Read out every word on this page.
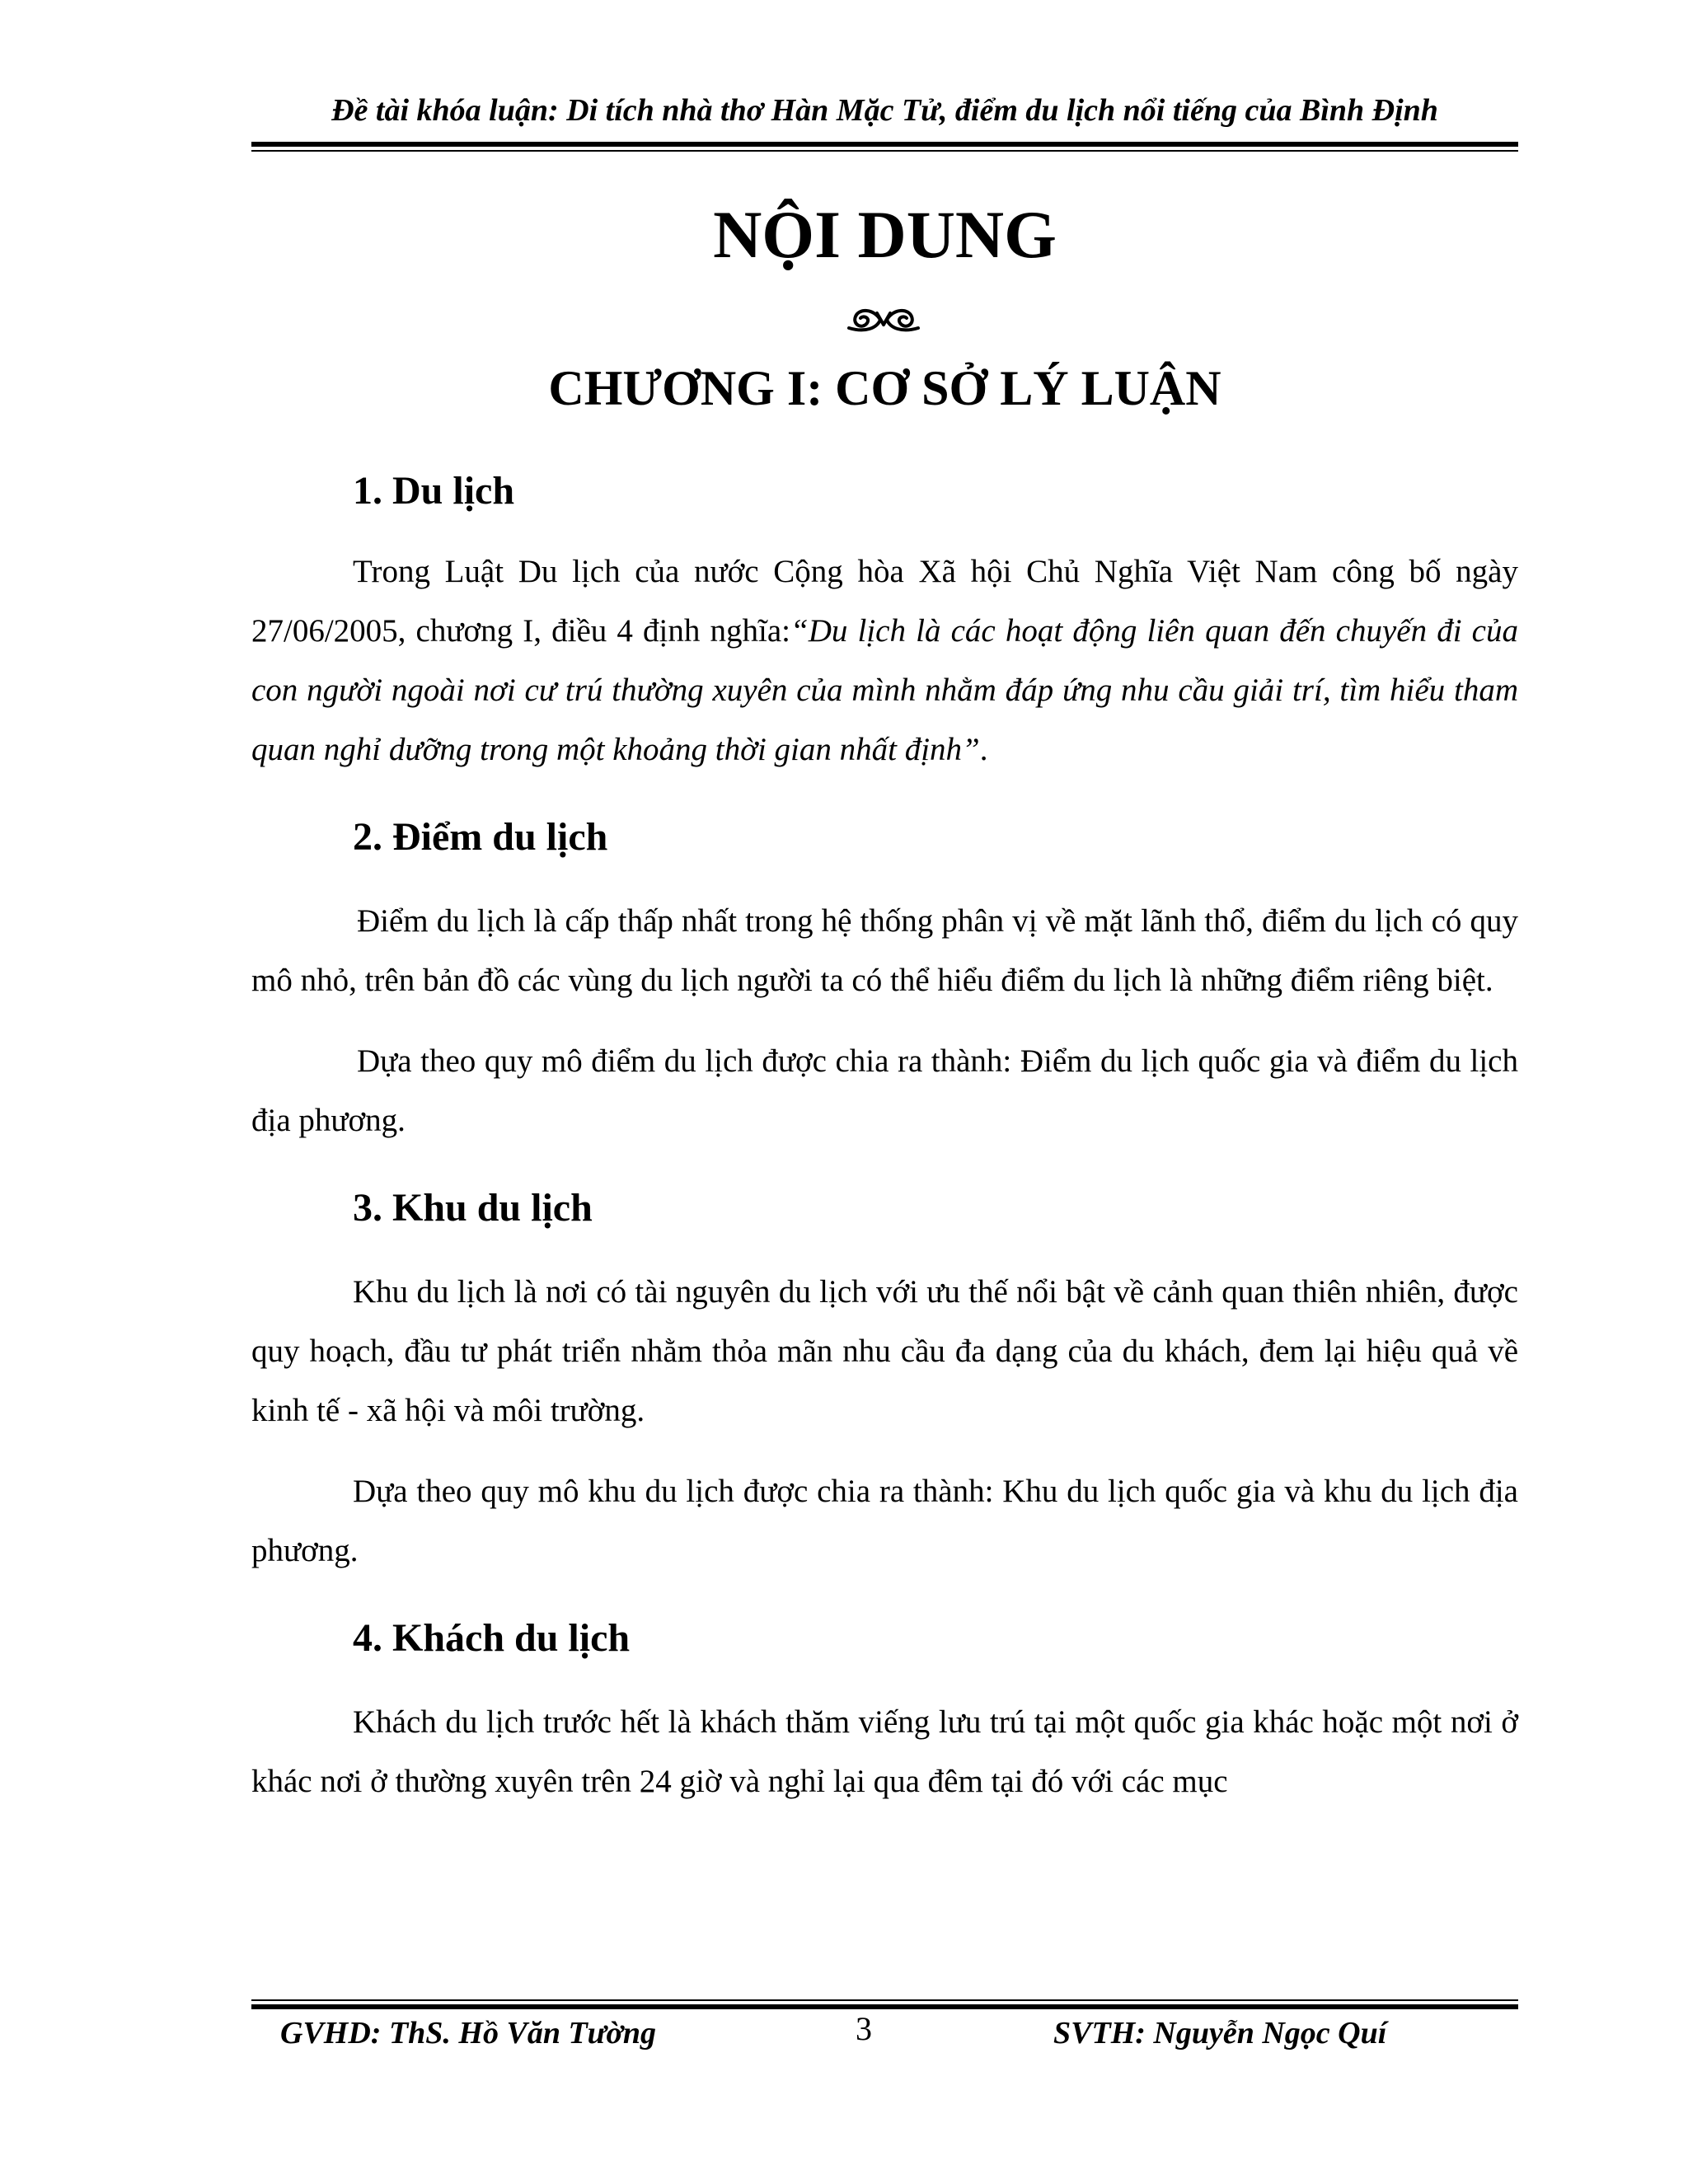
Đề tài khóa luận: Di tích nhà thơ Hàn Mặc Tử, điểm du lịch nổi tiếng của Bình Định
NỘI DUNG
CHƯƠNG I: CƠ SỞ LÝ LUẬN
1. Du lịch

Trong Luật Du lịch của nước Cộng hòa Xã hội Chủ Nghĩa Việt Nam công bố ngày 27/06/2005, chương I, điều 4 định nghĩa:“Du lịch là các hoạt động liên quan đến chuyến đi của con người ngoài nơi cư trú thường xuyên của mình nhằm đáp ứng nhu cầu giải trí, tìm hiểu tham quan nghỉ dưỡng trong một khoảng thời gian nhất định”.

2. Điểm du lịch

Điểm du lịch là cấp thấp nhất trong hệ thống phân vị về mặt lãnh thổ, điểm du lịch có quy mô nhỏ, trên bản đồ các vùng du lịch người ta có thể hiểu điểm du lịch là những điểm riêng biệt.

Dựa theo quy mô điểm du lịch được chia ra thành: Điểm du lịch quốc gia và điểm du lịch địa phương.

3. Khu du lịch

Khu du lịch là nơi có tài nguyên du lịch với ưu thế nổi bật về cảnh quan thiên nhiên, được quy hoạch, đầu tư phát triển nhằm thỏa mãn nhu cầu đa dạng của du khách, đem lại hiệu quả về kinh tế - xã hội và môi trường.

Dựa theo quy mô khu du lịch được chia ra thành: Khu du lịch quốc gia và khu du lịch địa phương.

4. Khách du lịch

Khách du lịch trước hết là khách thăm viếng lưu trú tại một quốc gia khác hoặc một nơi ở khác nơi ở thường xuyên trên 24 giờ và nghỉ lại qua đêm tại đó với các mục

GVHD: ThS. Hồ Văn Tường	3	SVTH: Nguyễn Ngọc Quí
